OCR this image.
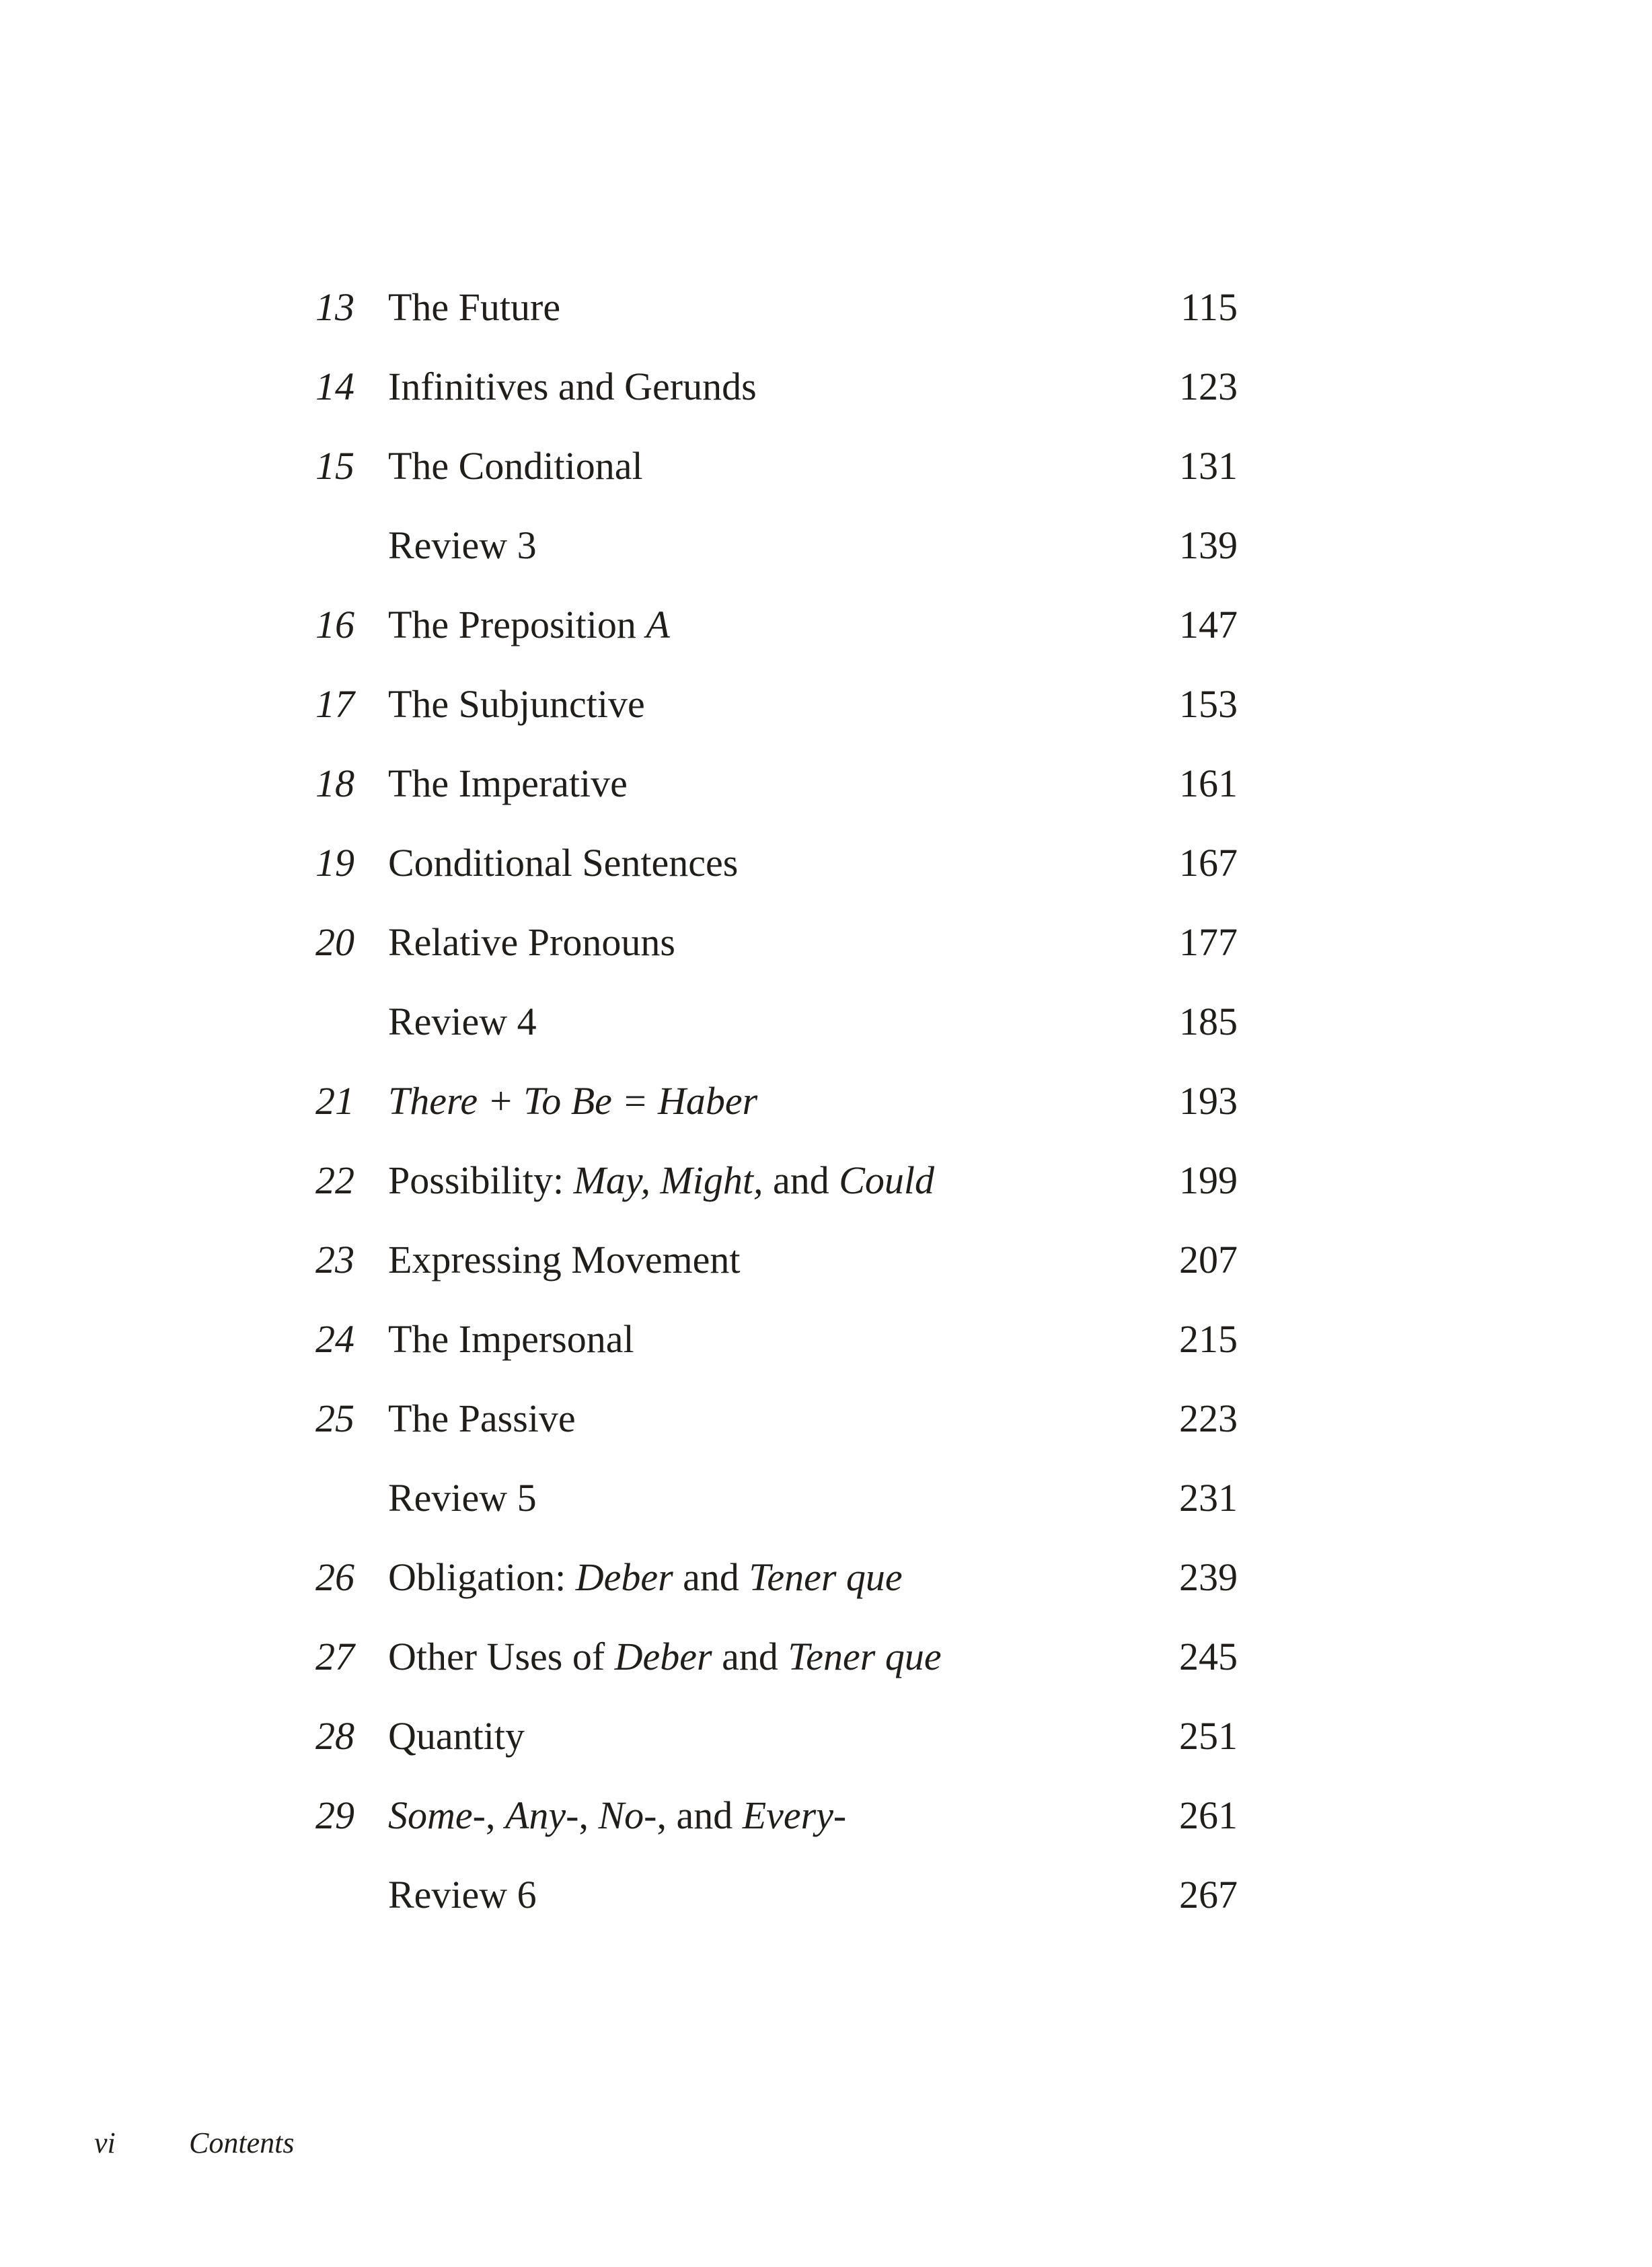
13 The Future	115
14 Infinitives and Gerunds	123
15 The Conditional	131
Review 3	139
16 The Preposition A	147
17 The Subjunctive	153
18 The Imperative	161
19 Conditional Sentences	167
20 Relative Pronouns	177
Review 4	185
21 There + To Be = Haber	193
22 Possibility: May, Might, and Could	199
23 Expressing Movement	207
24 The Impersonal	215
25 The Passive	223
Review 5	231
26 Obligation: Deber and Tener que	239
27 Other Uses of Deber and Tener que	245
28 Quantity	251
29 Some-, Any-, No-, and Every-	261
Review 6	267
vi Contents
